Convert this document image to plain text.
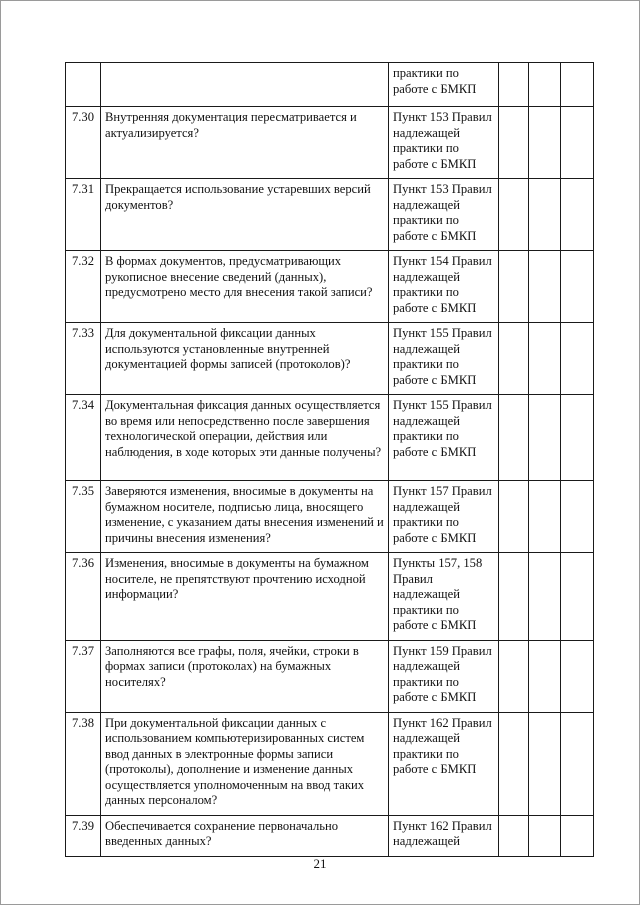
		практики по работе с БМКП			
7.30	Внутренняя документация пересматривается и актуализируется?	Пункт 153 Правил надлежащей практики по работе с БМКП			
7.31	Прекращается использование устаревших версий документов?	Пункт 153 Правил надлежащей практики по работе с БМКП			
7.32	В формах документов, предусматривающих рукописное внесение сведений (данных), предусмотрено место для внесения такой записи?	Пункт 154 Правил надлежащей практики по работе с БМКП			
7.33	Для документальной фиксации данных используются установленные внутренней документацией формы записей (протоколов)?	Пункт 155 Правил надлежащей практики по работе с БМКП			
7.34	Документальная фиксация данных осуществляется во время или непосредственно после завершения технологической операции, действия или наблюдения, в ходе которых эти данные получены?	Пункт 155 Правил надлежащей практики по работе с БМКП			
7.35	Заверяются изменения, вносимые в документы на бумажном носителе, подписью лица, вносящего изменение, с указанием даты внесения изменений и причины внесения изменения?	Пункт 157 Правил надлежащей практики по работе с БМКП			
7.36	Изменения, вносимые в документы на бумажном носителе, не препятствуют прочтению исходной информации?	Пункты 157, 158 Правил надлежащей практики по работе с БМКП			
7.37	Заполняются все графы, поля, ячейки, строки в формах записи (протоколах) на бумажных носителях?	Пункт 159 Правил надлежащей практики по работе с БМКП			
7.38	При документальной фиксации данных с использованием компьютеризированных систем ввод данных в электронные формы записи (протоколы), дополнение и изменение данных осуществляется уполномоченным на ввод таких данных персоналом?	Пункт 162 Правил надлежащей практики по работе с БМКП			
7.39	Обеспечивается сохранение первоначально введенных данных?	Пункт 162 Правил надлежащей			
21
